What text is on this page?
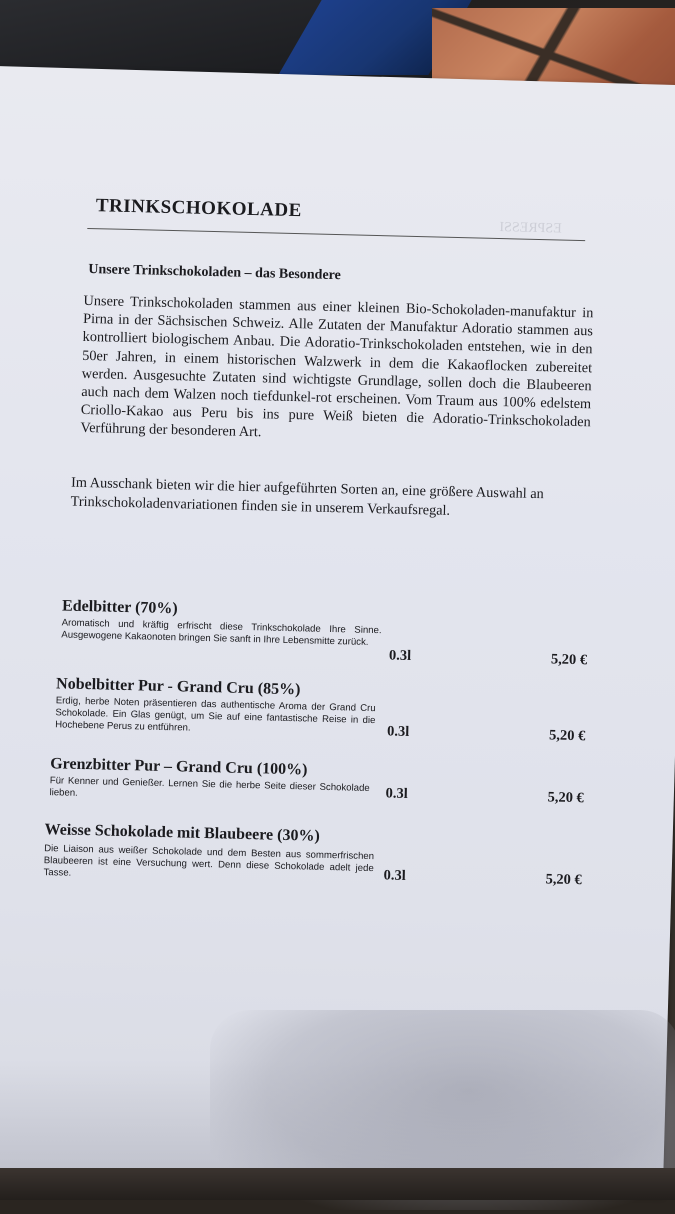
TRINKSCHOKOLADE
ESPRESSI
Unsere Trinkschokoladen – das Besondere
Unsere Trinkschokoladen stammen aus einer kleinen Bio-Schokoladen-manufaktur in Pirna in der Sächsischen Schweiz. Alle Zutaten der Manufaktur Adoratio stammen aus kontrolliert biologischem Anbau. Die Adoratio-Trinkschokoladen entstehen, wie in den 50er Jahren, in einem historischen Walzwerk in dem die Kakaoflocken zubereitet werden. Ausgesuchte Zutaten sind wichtigste Grundlage, sollen doch die Blaubeeren auch nach dem Walzen noch tiefdunkel-rot erscheinen. Vom Traum aus 100% edelstem Criollo-Kakao aus Peru bis ins pure Weiß bieten die Adoratio-Trinkschokoladen Verführung der besonderen Art.
Im Ausschank bieten wir die hier aufgeführten Sorten an, eine größere Auswahl an Trinkschokoladenvariationen finden sie in unserem Verkaufsregal.
Edelbitter (70%)
Aromatisch und kräftig erfrischt diese Trinkschokolade Ihre Sinne. Ausgewogene Kakaonoten bringen Sie sanft in Ihre Lebensmitte zurück.
0.3l	5,20 €
Nobelbitter Pur - Grand Cru (85%)
Erdig, herbe Noten präsentieren das authentische Aroma der Grand Cru Schokolade. Ein Glas genügt, um Sie auf eine fantastische Reise in die Hochebene Perus zu entführen.	0.3l	5,20 €
Grenzbitter Pur – Grand Cru (100%)
Für Kenner und Genießer. Lernen Sie die herbe Seite dieser Schokolade lieben.	0.3l	5,20 €
Weisse Schokolade mit Blaubeere (30%)
Die Liaison aus weißer Schokolade und dem Besten aus sommerfrischen Blaubeeren ist eine Versuchung wert. Denn diese Schokolade adelt jede Tasse.	0.3l	5,20 €
